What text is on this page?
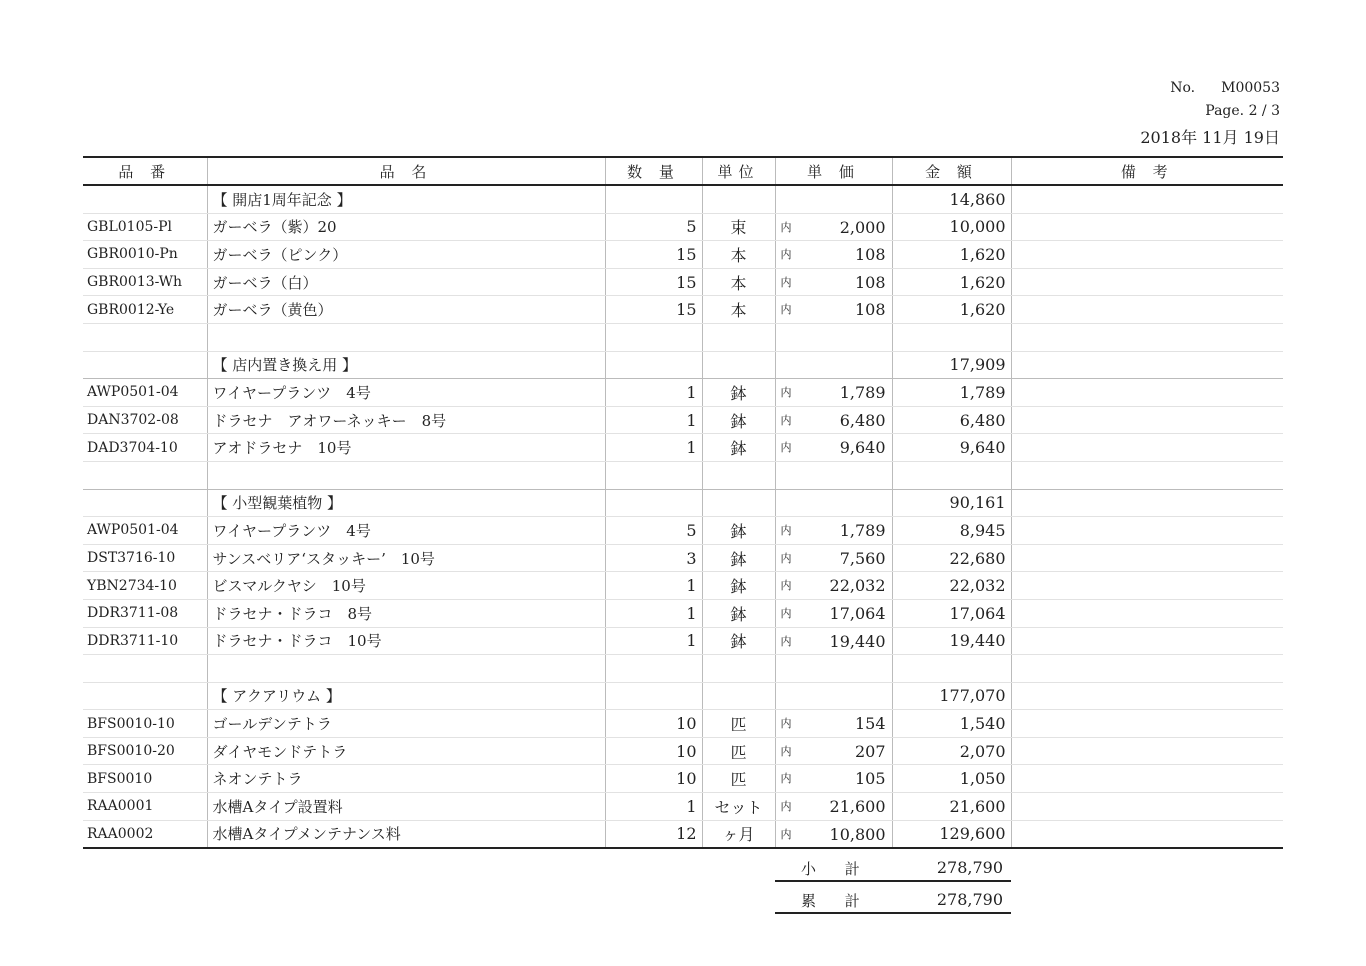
No. M00053
Page. 2 / 3
2018年 11月 19日
品 番	品 名	数 量	単位	単 価	金 額	備 考
	【 開店1周年記念 】				14,860	
GBL0105-Pl	ガーベラ（紫）20	5	束	内 2,000	10,000	
GBR0010-Pn	ガーベラ（ピンク）	15	本	内 108	1,620	
GBR0013-Wh	ガーベラ（白）	15	本	内 108	1,620	
GBR0012-Ye	ガーベラ（黄色）	15	本	内 108	1,620	

	【 店内置き換え用 】				17,909	
AWP0501-04	ワイヤープランツ　4号	1	鉢	内 1,789	1,789	
DAN3702-08	ドラセナ　アオワーネッキー　8号	1	鉢	内 6,480	6,480	
DAD3704-10	アオドラセナ　10号	1	鉢	内 9,640	9,640	

	【 小型観葉植物 】				90,161	
AWP0501-04	ワイヤープランツ　4号	5	鉢	内 1,789	8,945	
DST3716-10	サンスベリア‘スタッキー’　10号	3	鉢	内 7,560	22,680	
YBN2734-10	ビスマルクヤシ　10号	1	鉢	内 22,032	22,032	
DDR3711-08	ドラセナ・ドラコ　8号	1	鉢	内 17,064	17,064	
DDR3711-10	ドラセナ・ドラコ　10号	1	鉢	内 19,440	19,440	

	【 アクアリウム 】				177,070	
BFS0010-10	ゴールデンテトラ	10	匹	内 154	1,540	
BFS0010-20	ダイヤモンドテトラ	10	匹	内 207	2,070	
BFS0010	ネオンテトラ	10	匹	内 105	1,050	
RAA0001	水槽Aタイプ設置料	1	セット	内 21,600	21,600	
RAA0002	水槽Aタイプメンテナンス料	12	ヶ月	内 10,800	129,600	
小 計	278,790
累 計	278,790
